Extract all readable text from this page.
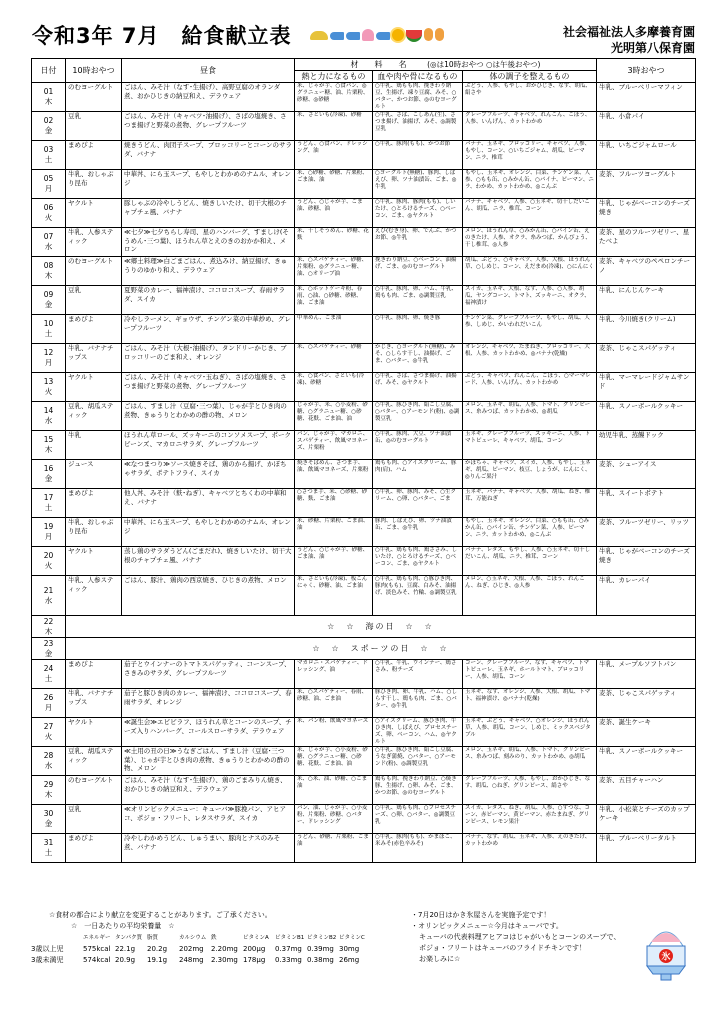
令和3年 7月　給食献立表	社会福祉法人多摩養育園
光明第八保育園
日付	10時おやつ	昼食	材　　料　　名 (◎は10時おやつ ○は午後おやつ)			3時おやつ
			熱と力になるもの	血や肉や骨になるもの	体の調子を整えるもの	

01
木	のむヨーグルト	ごはん、みそ汁（なす･生揚げ）、高野豆腐のオランダ煮、おかひじきの納豆和え、デラウェア	米、じゃが芋、○食パン、◎グラニュー糖、油、片栗粉、砂糖、◎砂糖	○牛乳、鶏もも肉、挽きわり納豆、生揚げ、凍り豆腐、みそ、○バター、かつお節、◎のむヨーグルト	ぶどう、人参、もやし、おかひじき、なす、胡瓜、絹さや	牛乳、ブルーベリーマフィン

02
金	豆乳	ごはん、みそ汁（キャベツ･油揚げ）、さばの塩焼き、さつま揚げと野菜の煮物、グレープフルーツ	米、さといも(冷凍)、砂糖	○牛乳、さば、こしあん(生)、さつま揚げ、油揚げ、みそ、◎調製豆乳	グレープフルーツ、キャベツ、れんこん、ごぼう、人参、いんげん、カットわかめ	牛乳、小倉パイ

03
土	まめぴよ	焼きうどん、肉団子スープ、ブロッコリーとコーンのサラダ、バナナ	うどん、○食パン、ドレッシング、油	○牛乳、豚肉(もも)、かつお節	バナナ、玉ネギ、ブロッコリー、キャベツ、人参、もやし、コーン、○いちごジャム、胡瓜、ピーマン、ニラ、椎茸	牛乳、いちごジャムロール

05
月	牛乳、おしゃぶり昆布	中華丼、にら玉スープ、もやしとわかめのナムル、オレンジ	米、○砂糖、砂糖、片栗粉、ごま油、油	○ヨーグルト(無糖)、豚肉、しばえび、卵、ツナ油漬缶、ごま、◎牛乳	もやし、玉ネギ、オレンジ、白菜、チンゲン菜、人参、○もも缶、○みかん缶、○パイナ、ピーマン、ニラ、わかめ、カットわかめ、◎こんぶ	麦茶、フルーツヨーグルト

06
火	ヤクルト	豚しゃぶの冷やしうどん、焼きしいたけ、切干大根のチャプチェ風、バナナ	うどん、○じゃが芋、ごま油、砂糖、油	○牛乳、豚肉、豚肉(もも)、しいたけ、○とろけるチーズ、○ベーコン、ごま、◎ヤクルト	バナナ、キャベツ、人参、○玉ネギ、切干しだいこん、胡瓜、ニラ、椎茸、コーン	牛乳、じゃがベーコンのチーズ焼き

07
水	牛乳、人参スティック	≪七夕≫七夕ちらし寿司、星のハンバーグ、すましけ(そうめん･三つ葉)、ほうれん草とえのきのおかか和え、メロン	米、干しそうめん、砂糖、花麩	えび(むき身)、卵、でんぶ、かつお節、◎牛乳	メロン、ほうれん草、○みかん缶、○パイン缶、えのきたけ、人参、オクラ、糸みつば、かんぴょう、干し椎茸、◎人参	麦茶、星のフルーツゼリー、星たべよ

08
木	のむヨーグルト	≪郷土料理≫白ごまごはん、煮込みけ、納豆揚げ、きゅうりのゆかり和え、デラウェア	米、○スパゲティー、砂糖、片栗粉、◎グラニュー糖、油、○オリーブ油	挽きわり納豆、○ベーコン、油揚げ、ごま、◎のむヨーグルト	胡瓜、ぶどう、○キャベツ、人参、大根、ほうれん草、○しめじ、コーン、えだまめ(冷凍)、○にんにく	麦茶、キャベツのペペロンチーノ

09
金	豆乳	夏野菜のカレー、福神漬け、ココロコスープ、春雨サラダ、スイカ	米、○ホットケーキ粉、春雨、○油、○砂糖、砂糖、油、ごま油	○牛乳、豚肉、卵、ハム、牛乳、鶏もも肉、ごま、◎調製豆乳	スイカ、玉ネギ、大根、なす、人参、○人参、胡瓜、ヤングコーン、トマト、ズッキーニ、オクラ、福神漬け	牛乳、にんじんケーキ

10
土	まめぴよ	冷やしラーメン、ギョウザ、チンゲン菜の中華炒め、グレープフルーツ	中華めん、ごま油	○牛乳、豚肉、卵、焼き豚	チンゲン菜、グレープフルーツ、もやし、胡瓜、人参、しめじ、かいわれだいこん	牛乳、今川焼き(クリーム)

12
月	牛乳、バナナチップス	ごはん、みそ汁（大根･油揚げ）、タンドリーかじき、ブロッコリーのごま和え、オレンジ	米、○スパゲティー、砂糖	かじき、○ヨーグルト(無糖)、みそ、○しらす干し、油揚げ、ごま、○バター、◎牛乳	オレンジ、キャベツ、たまねぎ、ブロッコリー、大根、人参、カットわかめ、◎バナナ(乾燥)	麦茶、じゃこスパゲッティ

13
火	ヤクルト	ごはん、みそ汁（キャベツ･玉ねぎ）、さばの塩焼き、さつま揚げと野菜の煮物、グレープフルーツ	米、○食パン、さといも(冷凍)、砂糖	○牛乳、さば、さつま揚げ、油揚げ、みそ、◎ヤクルト	ぶどう、キャベツ、れんこん、ごぼう、○マーマレード、人参、いんげん、カットわかめ	牛乳、マーマレードジャムサンド

14
水	豆乳、胡瓜スティック	ごはん、すまし汁（豆腐･三つ葉）、じゃが芋とひき肉の煮物、きゅうりとわかめの酢の物、メロン	じゃが芋、米、○小麦粉、砂糖、○グラニュー糖、○砂糖、花麩、ごま油、油	○牛乳、豚ひき肉、絹ごし豆腐、○バター、○アーモンド(粉)、◎調製豆乳	メロン、玉ネギ、胡瓜、人参、トマト、グリンピース、糸みつば、カットわかめ、◎胡瓜	牛乳、スノーボールクッキー

15
木	牛乳	ほうれん草ロール、ズッキーニのコンソメスープ、ポークビーンズ、マカロニサラダ、グレープフルーツ	パン、じゃが芋、マカロニ、スパゲティー、飲風マヨネーズ、片栗粉	○牛乳、豚肉、大豆、ツナ油漬缶、◎のむヨーグルト	玉ネギ、グレープフルーツ、ズッキーニ、人参、トマトピューレ、キャベツ、胡瓜、コーン	幼児牛乳、蒸饅ドック

16
金	ジュース	≪なつまつり≫ソース焼きそば、鶏のから揚げ、かぼちゃサラダ、ポテトフライ、スイカ	焼きそばめん、さつま芋、油、飲風マヨネーズ、片栗粉	鶏もも肉、○アイスクリーム、豚肉(肩)、ハム	かぼちゃ、キャベツ、スイカ、人参、もやし、玉ネギ、胡瓜、ピーマン、枝豆、しょうが、にんにく、◎りんご果汁	麦茶、シューアイス

17
土	まめぴよ	他人丼、みそ汁（麩･ねぎ）、キャベツとちくわの中華和え、バナナ	○さつま芋、米、○砂糖、砂糖、麩、ごま油	○牛乳、卵、豚肉、みそ、○生クリーム、○卵、○バター、ごま	玉ネギ、バナナ、キャベツ、人参、胡瓜、ねぎ、椎茸、万能ねぎ	牛乳、スイートポテト

19
月	牛乳、おしゃぶり昆布	中華丼、にら玉スープ、もやしとわかめのナムル、オレンジ	米、砂糖、片栗粉、ごま油、油	豚肉、しばえび、卵、ツナ油漬缶、ごま、◎牛乳	もやし、玉ネギ、オレンジ、白菜、○もも缶、○みかん缶、○パイン缶、チンゲン菜、人参、ピーマン、ニラ、カットわかめ、◎こんぶ	麦茶、フルーツゼリー、リッツ

20
火	ヤクルト	蒸し鶏のサラダうどん(ごまだれ)、焼きしいたけ、切干大根のチャプチェ風、バナナ	うどん、○じゃが芋、砂糖、ごま油、油	○牛乳、鶏もも肉、鶏ささみ、しいたけ、○とろけるチーズ、○ベーコン、ごま、◎ヤクルト	バナナ、レタス、もやし、人参、○玉ネギ、切干しだいこん、胡瓜、ニラ、椎茸、コーン	牛乳、じゃがベーコンのチーズ焼き

21
水	牛乳、人参スティック	ごはん、豚汁、鶏肉の西京焼き、ひじきの煮物、メロン	米、さといも(冷凍)、板こんにゃく、砂糖、油、ごま油	○牛乳、鶏もも肉、○豚ひき肉、豚肉(もも)、豆腐、白みそ、油揚げ、淡色みそ、竹輪、◎調製豆乳	メロン、○玉ネギ、大根、人参、ごぼう、れんこん、ねぎ、ひじき、◎人参	牛乳、カレーパイ

22
木	☆　☆　海の日　☆　☆					

23
金	☆　☆　スポーツの日　☆　☆					

24
土	まめぴよ	茄子とウインナーのトマトスパゲッティ、コーンスープ、さきみのサラダ、グレープフルーツ	マカロニ・スパゲティー、ドレッシング、油	○牛乳、牛乳、ウインナー、鶏ささみ、粉チーズ	コーン、グレープフルーツ、なす、キャベツ、トマトピューレ、玉ネギ、ホールトマト、ブロッコリー、人参、胡瓜、コーン	牛乳、メープルソフトパン

26
月	牛乳、バナナチップス	茄子と豚ひき肉のカレー、福神漬け、ココロコスープ、春雨サラダ、オレンジ	米、○スパゲティー、春雨、砂糖、油、ごま油	豚ひき肉、卵、牛乳、ハム、○しらす干し、鶏もも肉、ごま、○バター、◎牛乳	玉ネギ、なす、オレンジ、人参、大根、胡瓜、トマト、福神漬け、◎バナナ(乾燥)	麦茶、じゃこスパゲッティ

27
火	ヤクルト	≪誕生会≫エビピラフ、ほうれん草とコーンのスープ、チーズ入りハンバーグ、コールスローサラダ、デラウェア	米、パン粉、飲風マヨネーズ	○アイスクリーム、豚ひき肉、牛ひき肉、しばえび、プロセスチーズ、卵、ベーコン、ハム、◎ヤクルト	玉ネギ、ぶどう、キャベツ、○オレンジ、ほうれん草、人参、胡瓜、コーン、しめじ、ミックスベジタブル	麦茶、誕生ケーキ

28
水	豆乳、胡瓜スティック	≪土用の丑の日≫うなぎごはん、すまし汁（豆腐･三つ葉）、じゃが芋とひき肉の煮物、きゅうりとわかめの酢の物、メロン	米、じゃが芋、○小麦粉、砂糖、○グラニュー糖、○砂糖、花麩、ごま油、油	○牛乳、豚ひき肉、絹ごし豆腐、うなぎ蒲焼、○バター、○アーモンド(粉)、◎調製豆乳	メロン、玉ネギ、胡瓜、人参、トマト、グリンピース、糸みつば、刻みのり、カットわかめ、◎胡瓜	牛乳、スノーボールクッキー

29
木	のむヨーグルト	ごはん、みそ汁（なす･生揚げ）、鶏のごまみりん焼き、おかひじきの納豆和え、デラウェア	米、○米、油、砂糖、○ごま油	鶏もも肉、挽きわり納豆、○焼き豚、生揚げ、○卵、みそ、ごま、かつお節、◎のむヨーグルト	グレープフルーツ、人参、もやし、おかひじき、なす、胡瓜、○ねぎ、グリンピース、絹さや	麦茶、五目チャーハン

30
金	豆乳	≪オリンピックメニュー：キューバ≫豚挽パン、アヒアコ、ポジョ・フリート、レタスサラダ、スイカ	パン、油、じゃが芋、○小麦粉、片栗粉、砂糖、○バター、ドレッシング	○牛乳、鶏もも肉、○プロセスチーズ、○卵、○バター、◎調製豆乳	スイカ、レタス、ねぎ、胡瓜、人参、○すつな、コーン、赤ピーマン、黄ピーマン、赤たまねぎ、グリンピース、レモン果汁	牛乳、小松菜とチーズのカップケーキ

31
土	まめぴよ	冷やしわかめうどん、しゅうまい、豚肉とナスのみそ煮、バナナ	うどん、砂糖、片栗粉、ごま油	○牛乳、豚肉(もも)、かまぼこ、米みそ(赤色辛みそ)	バナナ、なす、胡瓜、玉ネギ、人参、えのきたけ、カットわかめ	牛乳、ブルーベリータルト
☆食材の都合により献立を変更することがあります。ご了承ください。
☆　一日あたりの平均栄養量　☆
エネルギー タンパク質 脂質	カルシウム 鉄	ビタミンA ビタミンB1 ビタミンB2 ビタミンC
3歳以上児	575kcal 22.1g 20.2g 202mg 2.20mg 200μg 0.37mg 0.39mg 30mg
3歳未満児	574kcal 20.9g 19.1g 248mg 2.30mg 178μg 0.33mg 0.38mg 26mg
・7月20日はかき氷屋さんを実施予定です！
・オリンピックメニュー☆今月はキューバです。
キューバの代表料理アヒアコはじゃがいもとコーンのスープで、
ポジョ・フリートはキューバのフライドチキンです！
お楽しみに☆	氷
